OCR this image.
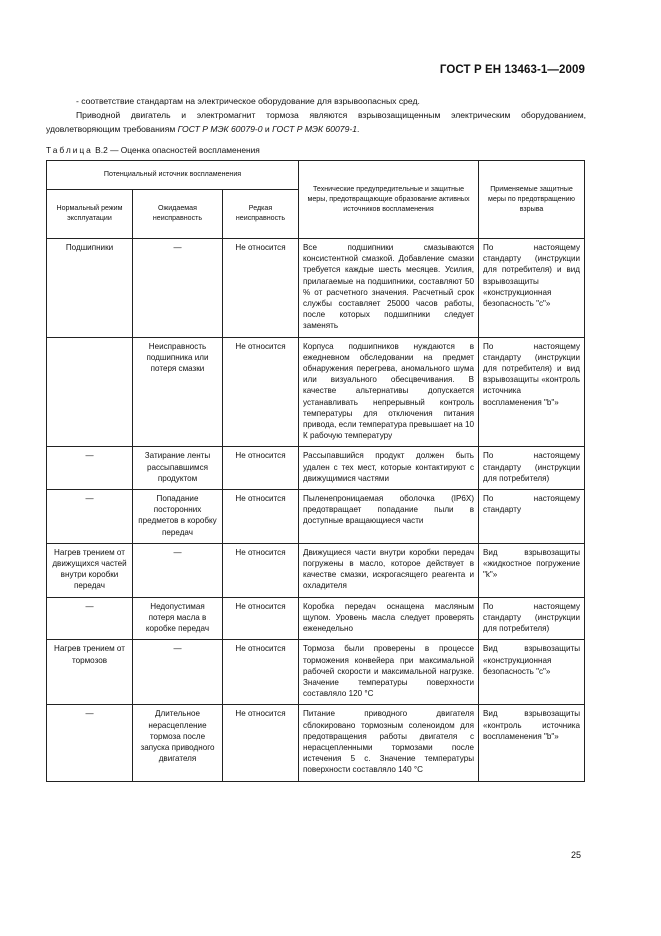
ГОСТ Р ЕН 13463-1—2009

- соответствие стандартам на электрическое оборудование для взрывоопасных сред.

Приводной двигатель и электромагнит тормоза являются взрывозащищенным электрическим оборудованием, удовлетворяющим требованиям ГОСТ Р МЭК 60079-0 и ГОСТ Р МЭК 60079-1.

Таблица В.2 — Оценка опасностей воспламенения
Потенциальный источник воспламенения			Технические предупредительные и защитные меры, предотвращающие образование активных источников воспламенения	Применяемые защитные меры по предотвращению взрыва
Нормальный режим эксплуатации	Ожидаемая неисправность	Редкая неисправность		
Подшипники	—	Не относится	Все подшипники смазываются консистентной смазкой. Добавление смазки требуется каждые шесть месяцев. Усилия, прилагаемые на подшипники, составляют 50 % от расчетного значения. Расчетный срок службы составляет 25000 часов работы, после которых подшипники следует заменять	По настоящему стандарту (инструкции для потребителя) и вид взрывозащиты «конструкционная безопасность "c"»
	Неисправность подшипника или потеря смазки	Не относится	Корпуса подшипников нуждаются в ежедневном обследовании на предмет обнаружения перегрева, аномального шума или визуального обесцвечивания. В качестве альтернативы допускается устанавливать непрерывный контроль температуры для отключения питания привода, если температура превышает на 10 К рабочую температуру	По настоящему стандарту (инструкции для потребителя) и вид взрывозащиты «контроль источника воспламенения "b"»
—	Затирание ленты рассыпавшимся продуктом	Не относится	Рассыпавшийся продукт должен быть удален с тех мест, которые контактируют с движущимися частями	По настоящему стандарту (инструкции для потребителя)
—	Попадание посторонних предметов в коробку передач	Не относится	Пыленепроницаемая оболочка (IP6X) предотвращает попадание пыли в доступные вращающиеся части	По настоящему стандарту
Нагрев трением от движущихся частей внутри коробки передач	—	Не относится	Движущиеся части внутри коробки передач погружены в масло, которое действует в качестве смазки, искрогасящего реагента и охладителя	Вид взрывозащиты «жидкостное погружение "k"»
—	Недопустимая потеря масла в коробке передач	Не относится	Коробка передач оснащена масляным щупом. Уровень масла следует проверять еженедельно	По настоящему стандарту (инструкции для потребителя)
Нагрев трением от тормозов	—	Не относится	Тормоза были проверены в процессе торможения конвейера при максимальной рабочей скорости и максимальной нагрузке. Значение температуры поверхности составляло 120 °C	Вид взрывозащиты «конструкционная безопасность "c"»
—	Длительное нерасцепление тормоза после запуска приводного двигателя	Не относится	Питание приводного двигателя сблокировано тормозным соленоидом для предотвращения работы двигателя с нерасцепленными тормозами после истечения 5 с. Значение температуры поверхности составляло 140 °C	Вид взрывозащиты «контроль источника воспламенения "b"»
25
